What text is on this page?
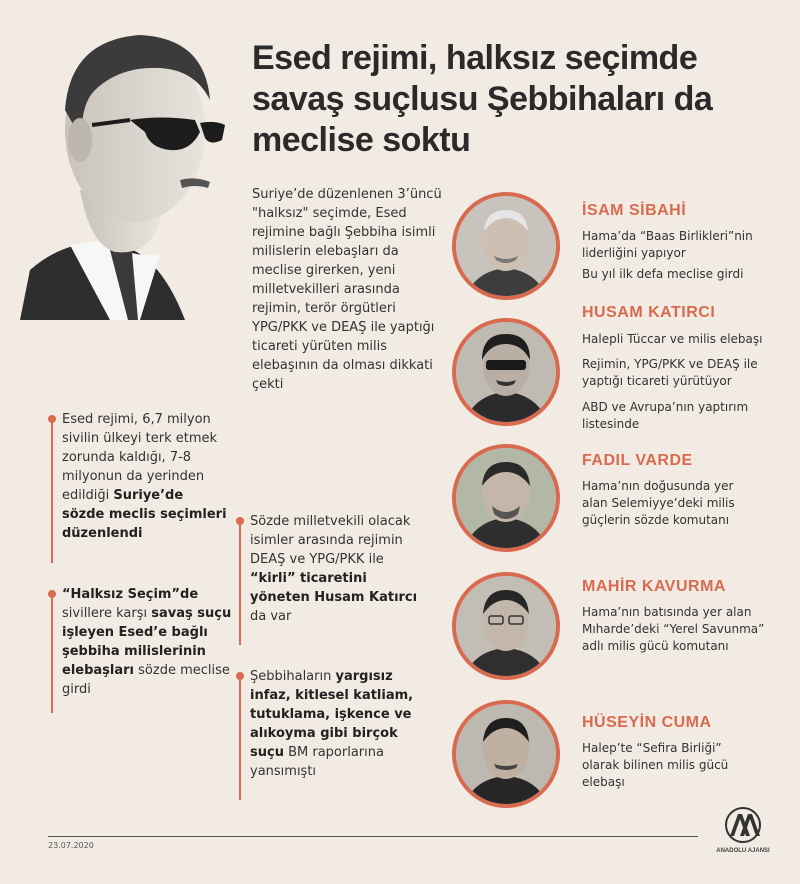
Esed rejimi, halksız seçimde
savaş suçlusu Şebbihaları da
meclise soktu
Suriye’de düzenlenen 3’üncü "halksız" seçimde, Esed rejimine bağlı Şebbiha isimli milislerin elebaşları da meclise girerken, yeni milletvekilleri arasında rejimin, terör örgütleri YPG/PKK ve DEAŞ ile yaptığı ticareti yürüten milis elebaşının da olması dikkati çekti
Esed rejimi, 6,7 milyon sivilin ülkeyi terk etmek zorunda kaldığı, 7-8 milyonun da yerinden edildiği Suriye’de sözde meclis seçimleri düzenlendi
“Halksız Seçim”de sivillere karşı savaş suçu işleyen Esed’e bağlı şebbiha milislerinin elebaşları sözde meclise girdi
Sözde milletvekili olacak isimler arasında rejimin DEAŞ ve YPG/PKK ile “kirli” ticaretini yöneten Husam Katırcı da var
Şebbihaların yargısız infaz, kitlesel katliam, tutuklama, işkence ve alıkoyma gibi birçok suçu BM raporlarına yansımıştı
İSAM SİBAHİ
Hama’da “Baas Birlikleri”nin liderliğini yapıyor
Bu yıl ilk defa meclise girdi
HUSAM KATIRCI
Halepli Tüccar ve milis elebaşı
Rejimin, YPG/PKK ve DEAŞ ile yaptığı ticareti yürütüyor
ABD ve Avrupa’nın yaptırım listesinde
FADIL VARDE
Hama’nın doğusunda yer alan Selemiyye’deki milis güçlerin sözde komutanı
MAHİR KAVURMA
Hama’nın batısında yer alan Mıharde’deki “Yerel Savunma” adlı milis gücü komutanı
HÜSEYİN CUMA
Halep’te “Sefira Birliği” olarak bilinen milis gücü elebaşı
23.07.2020
ANADOLU AJANSI
